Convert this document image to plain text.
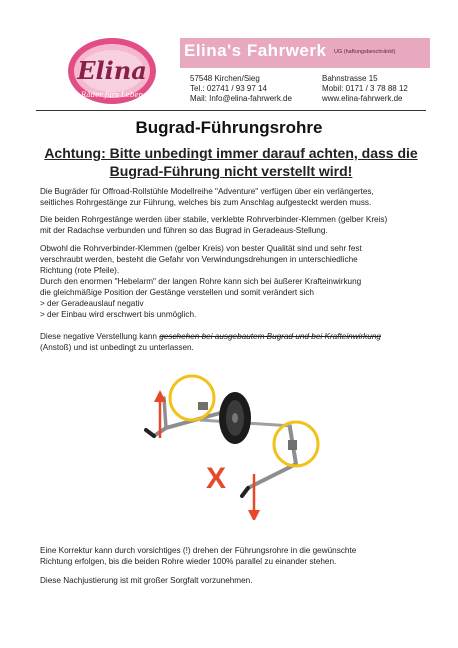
Elina
Räder fürs Leben
Elina's Fahrwerk UG (haftungsbeschränkt)
57548 Kirchen/Sieg
Tel.: 02741 / 93 97 14
Mail: Info@elina-fahrwerk.de
Bahnstrasse 15
Mobil: 0171 / 3 78 88 12
www.elina-fahrwerk.de
Bugrad-Führungsrohre
Achtung: Bitte unbedingt immer darauf achten, dass die
Bugrad-Führung nicht verstellt wird!
Die Bugräder für Offroad-Rollstühle Modellreihe "Adventure" verfügen über ein verlängertes,
seitliches Rohrgestänge zur Führung, welches bis zum Anschlag aufgesteckt werden muss.
Die beiden Rohrgestänge werden über stabile, verklebte Rohrverbinder-Klemmen (gelber Kreis)
mit der Radachse verbunden und führen so das Bugrad in Geradeaus-Stellung.
Obwohl die Rohrverbinder-Klemmen (gelber Kreis) von bester Qualität sind und sehr fest
verschraubt werden, besteht die Gefahr von Verwindungsdrehungen in unterschiedliche
Richtung (rote Pfeile).
Durch den enormen "Hebelarm" der langen Rohre kann sich bei äußerer Krafteinwirkung
die gleichmäßige Position der Gestänge verstellen und somit verändert sich
> der Geradeauslauf negativ
> der Einbau wird erschwert bis unmöglich.
Diese negative Verstellung kann geschehen bei ausgebautem Bugrad und bei Krafteinwirkung
(Anstoß) und ist unbedingt zu unterlassen.
X
Eine Korrektur kann durch vorsichtiges (!) drehen der Führungsrohre in die gewünschte
Richtung erfolgen, bis die beiden Rohre wieder 100% parallel zu einander stehen.
Diese Nachjustierung ist mit großer Sorgfalt vorzunehmen.
